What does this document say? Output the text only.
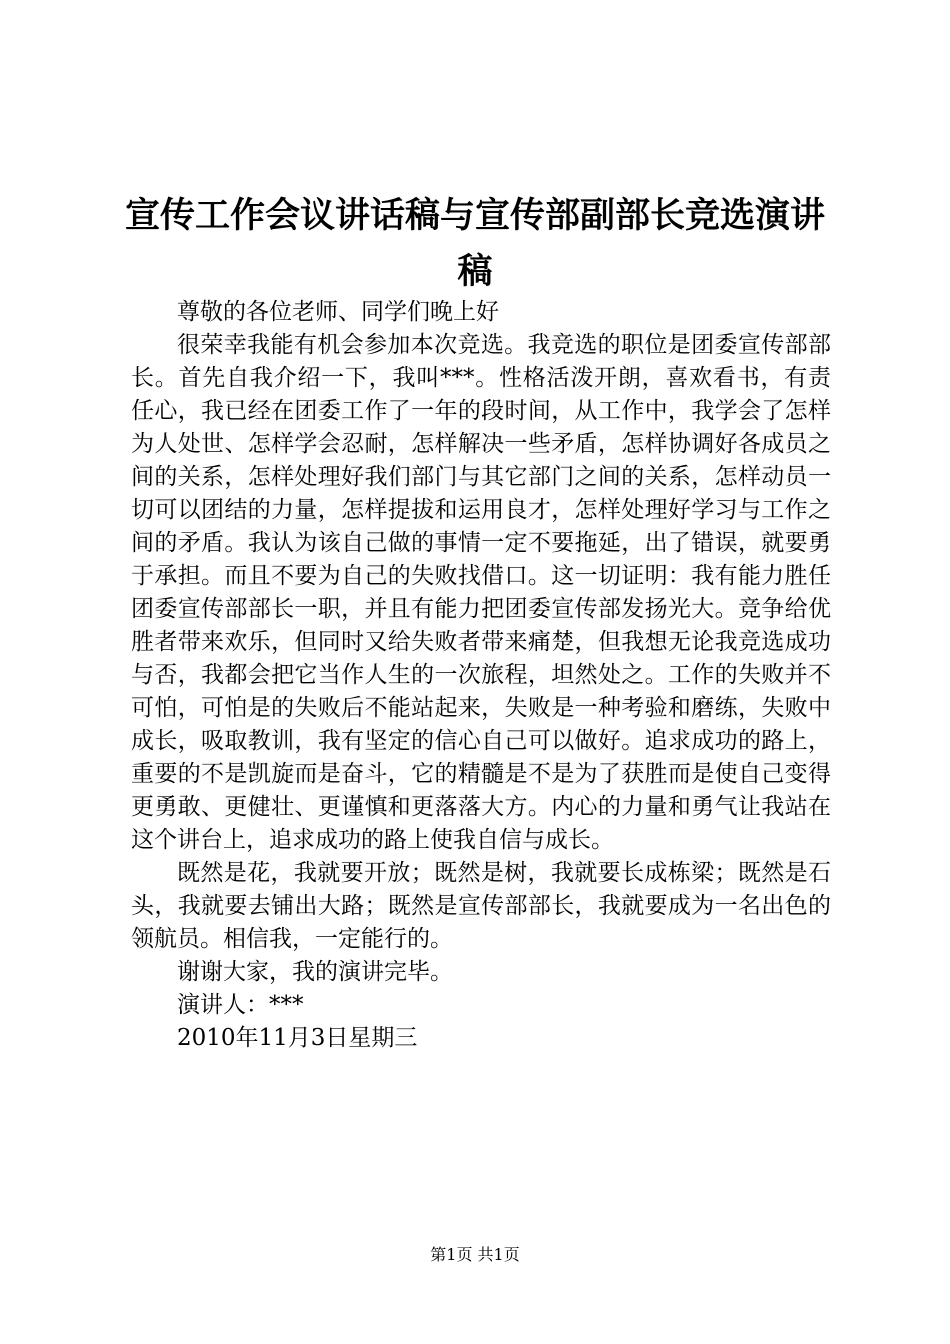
宣传工作会议讲话稿与宣传部副部长竞选演讲稿

尊敬的各位老师、同学们晚上好

很荣幸我能有机会参加本次竞选。我竞选的职位是团委宣传部部长。首先自我介绍一下，我叫***。性格活泼开朗，喜欢看书，有责任心，我已经在团委工作了一年的段时间，从工作中，我学会了怎样为人处世、怎样学会忍耐，怎样解决一些矛盾，怎样协调好各成员之间的关系，怎样处理好我们部门与其它部门之间的关系，怎样动员一切可以团结的力量，怎样提拔和运用良才，怎样处理好学习与工作之间的矛盾。我认为该自己做的事情一定不要拖延，出了错误，就要勇于承担。而且不要为自己的失败找借口。这一切证明：我有能力胜任团委宣传部部长一职，并且有能力把团委宣传部发扬光大。竞争给优胜者带来欢乐，但同时又给失败者带来痛楚，但我想无论我竞选成功与否，我都会把它当作人生的一次旅程，坦然处之。工作的失败并不可怕，可怕是的失败后不能站起来，失败是一种考验和磨练，失败中成长，吸取教训，我有坚定的信心自己可以做好。追求成功的路上，重要的不是凯旋而是奋斗，它的精髓是不是为了获胜而是使自己变得更勇敢、更健壮、更谨慎和更落落大方。内心的力量和勇气让我站在这个讲台上，追求成功的路上使我自信与成长。

既然是花，我就要开放；既然是树，我就要长成栋梁；既然是石头，我就要去铺出大路；既然是宣传部部长，我就要成为一名出色的领航员。相信我，一定能行的。

谢谢大家，我的演讲完毕。

演讲人：***

2010年11月3日星期三

第1页 共1页
